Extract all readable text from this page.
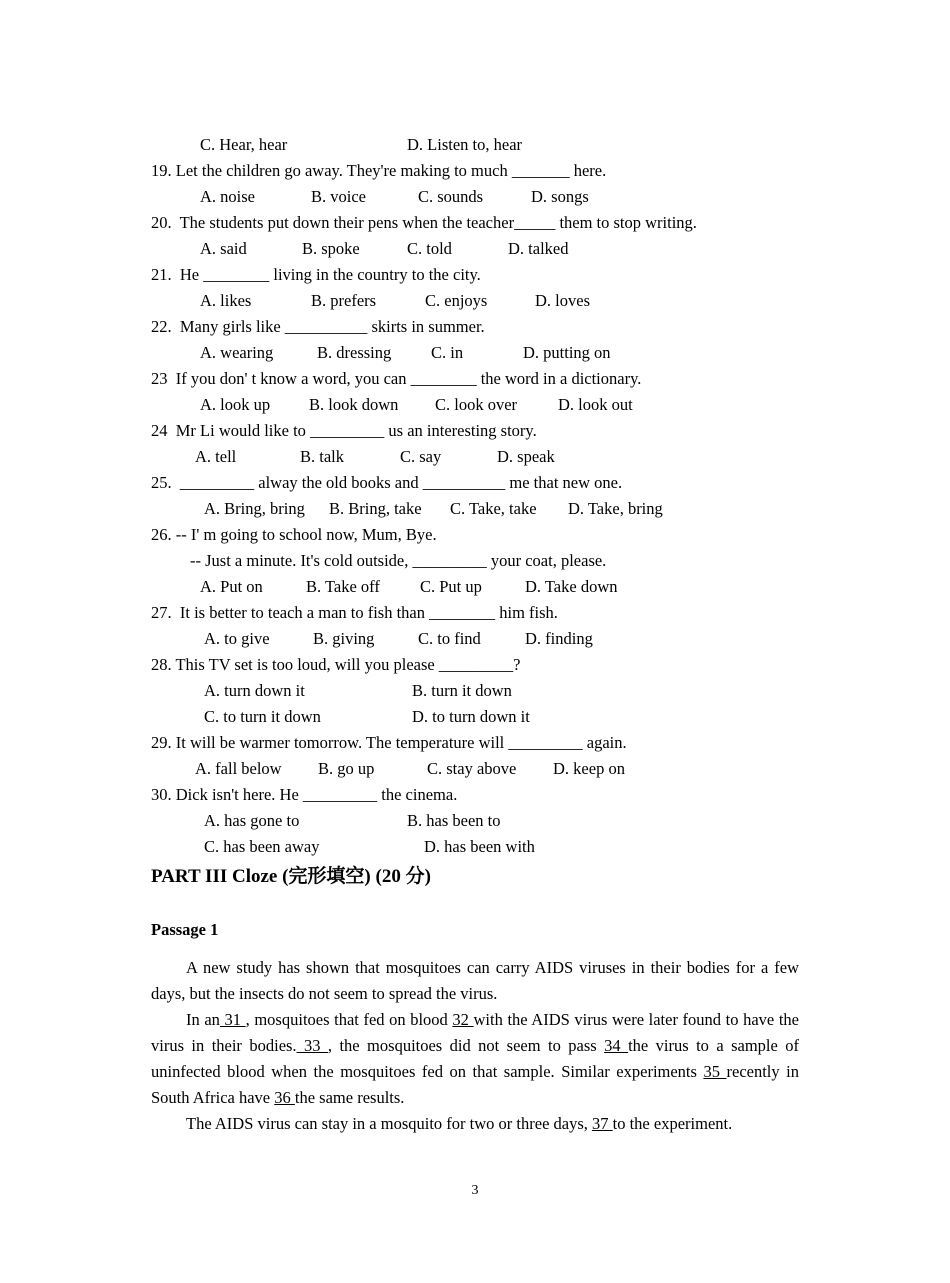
C. Hear, hear	D. Listen to, hear
19. Let the children go away. They're making to much _______ here.
A. noise	B. voice	C. sounds	D. songs
20.  The students put down their pens when the teacher_____ them to stop writing.
A. said	B. spoke	C. told	D. talked
21.  He ________ living in the country to the city.
A. likes	B. prefers	C. enjoys	D. loves
22.  Many girls like __________ skirts in summer.
A. wearing	B. dressing C. in	D. putting on
23  If you don' t know a word, you can ________ the word in a dictionary.
A. look up B. look down C. look over D. look out
24  Mr Li would like to _________ us an interesting story.
A. tell	B. talk	C. say	D. speak
25.  _________ alway the old books and __________ me that new one.
A. Bring, bring B. Bring, take C. Take, take D. Take, bring
26. -- I' m going to school now, Mum, Bye.
-- Just a minute. It's cold outside, _________ your coat, please.
A. Put on	B. Take off C. Put up	D. Take down
27.  It is better to teach a man to fish than ________ him fish.
A. to give	B. giving	C. to find	D. finding
28. This TV set is too loud, will you please _________?
A. turn down it	B. turn it down
C. to turn it down	D. to turn down it
29. It will be warmer tomorrow. The temperature will _________ again.
A. fall below B. go up	C. stay above D. keep on
30. Dick isn't here. He _________ the cinema.
A. has gone to	B. has been to
C. has been away	D. has been with
PART III Cloze (完形填空) (20 分)
Passage 1
A new study has shown that mosquitoes can carry AIDS viruses in their bodies for a few days, but the insects do not seem to spread the virus.
In an 31 , mosquitoes that fed on blood 32 with the AIDS virus were later found to have the virus in their bodies. 33 , the mosquitoes did not seem to pass 34 the virus to a sample of uninfected blood when the mosquitoes fed on that sample. Similar experiments 35 recently in South Africa have 36 the same results.
The AIDS virus can stay in a mosquito for two or three days, 37 to the experiment.
3
